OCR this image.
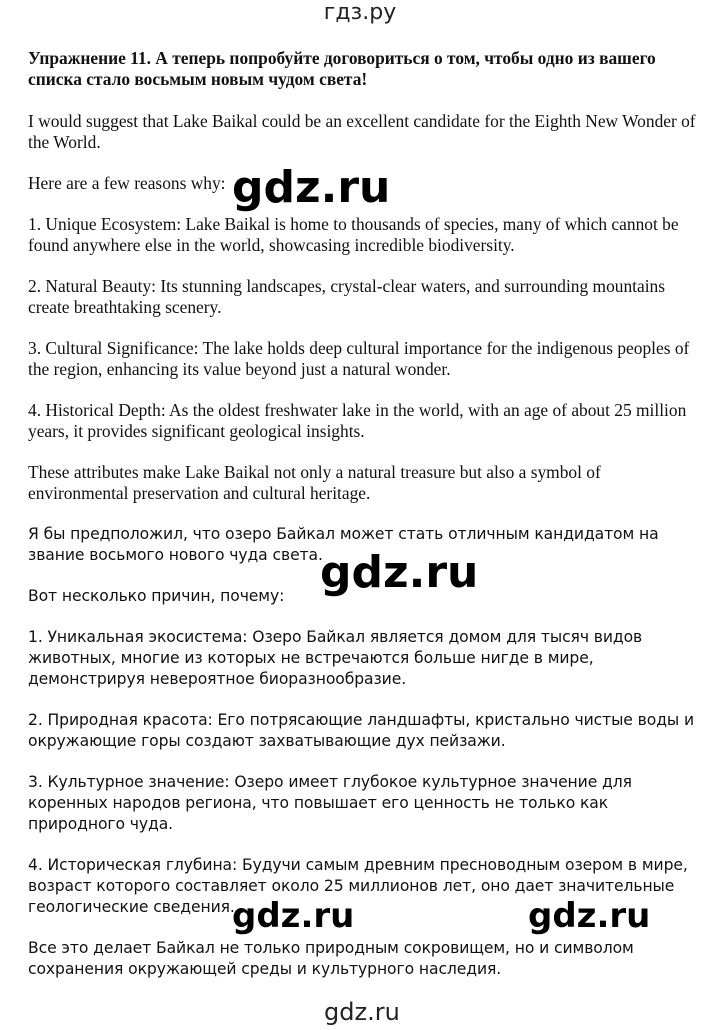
гдз.ру

Упражнение 11. А теперь попробуйте договориться о том, чтобы одно из вашего списка стало восьмым новым чудом света!

I would suggest that Lake Baikal could be an excellent candidate for the Eighth New Wonder of the World.

Here are a few reasons why:

1. Unique Ecosystem: Lake Baikal is home to thousands of species, many of which cannot be found anywhere else in the world, showcasing incredible biodiversity.

2. Natural Beauty: Its stunning landscapes, crystal-clear waters, and surrounding mountains create breathtaking scenery.

3. Cultural Significance: The lake holds deep cultural importance for the indigenous peoples of the region, enhancing its value beyond just a natural wonder.

4. Historical Depth: As the oldest freshwater lake in the world, with an age of about 25 million years, it provides significant geological insights.

These attributes make Lake Baikal not only a natural treasure but also a symbol of environmental preservation and cultural heritage.

Я бы предположил, что озеро Байкал может стать отличным кандидатом на звание восьмого нового чуда света.

Вот несколько причин, почему:

1. Уникальная экосистема: Озеро Байкал является домом для тысяч видов животных, многие из которых не встречаются больше нигде в мире, демонстрируя невероятное биоразнообразие.

2. Природная красота: Его потрясающие ландшафты, кристально чистые воды и окружающие горы создают захватывающие дух пейзажи.

3. Культурное значение: Озеро имеет глубокое культурное значение для коренных народов региона, что повышает его ценность не только как природного чуда.

4. Историческая глубина: Будучи самым древним пресноводным озером в мире, возраст которого составляет около 25 миллионов лет, оно дает значительные геологические сведения.

Все это делает Байкал не только природным сокровищем, но и символом сохранения окружающей среды и культурного наследия.

gdz.ru
gdz.ru
gdz.ru	gdz.ru
gdz.ru
